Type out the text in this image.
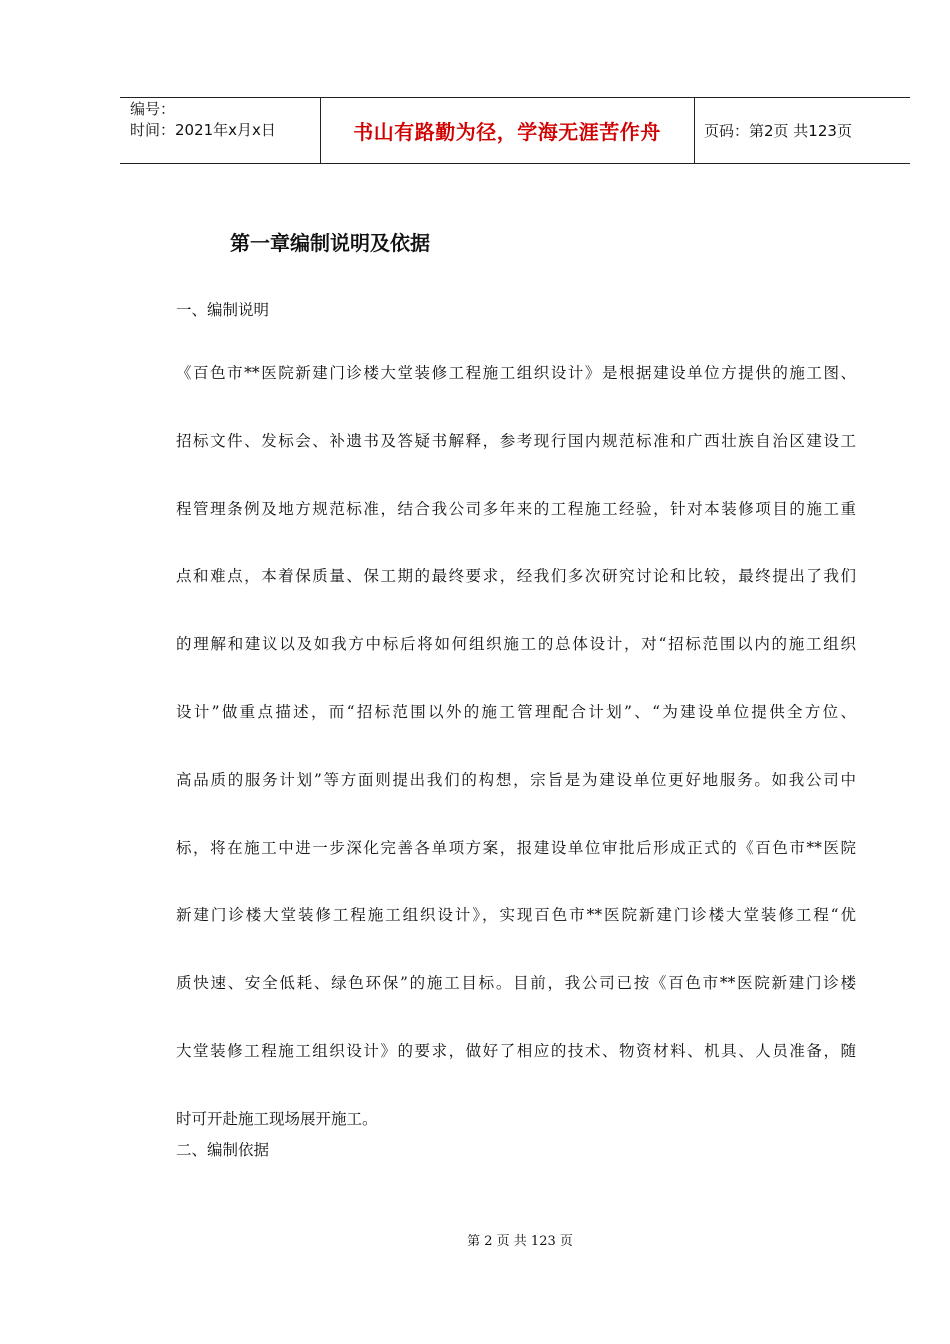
编号：
时间：2021年x月x日	书山有路勤为径，学海无涯苦作舟	页码：第2页 共123页
第一章编制说明及依据
一、编制说明
《百色市**医院新建门诊楼大堂装修工程施工组织设计》是根据建设单位方提供的施工图、
招标文件、发标会、补遗书及答疑书解释，参考现行国内规范标准和广西壮族自治区建设工
程管理条例及地方规范标准，结合我公司多年来的工程施工经验，针对本装修项目的施工重
点和难点，本着保质量、保工期的最终要求，经我们多次研究讨论和比较，最终提出了我们
的理解和建议以及如我方中标后将如何组织施工的总体设计，对“招标范围以内的施工组织
设计”做重点描述，而“招标范围以外的施工管理配合计划”、“为建设单位提供全方位、
高品质的服务计划”等方面则提出我们的构想，宗旨是为建设单位更好地服务。如我公司中
标，将在施工中进一步深化完善各单项方案，报建设单位审批后形成正式的《百色市**医院
新建门诊楼大堂装修工程施工组织设计》，实现百色市**医院新建门诊楼大堂装修工程“优
质快速、安全低耗、绿色环保”的施工目标。目前，我公司已按《百色市**医院新建门诊楼
大堂装修工程施工组织设计》的要求，做好了相应的技术、物资材料、机具、人员准备，随
时可开赴施工现场展开施工。
二、编制依据
第 2 页 共 123 页
